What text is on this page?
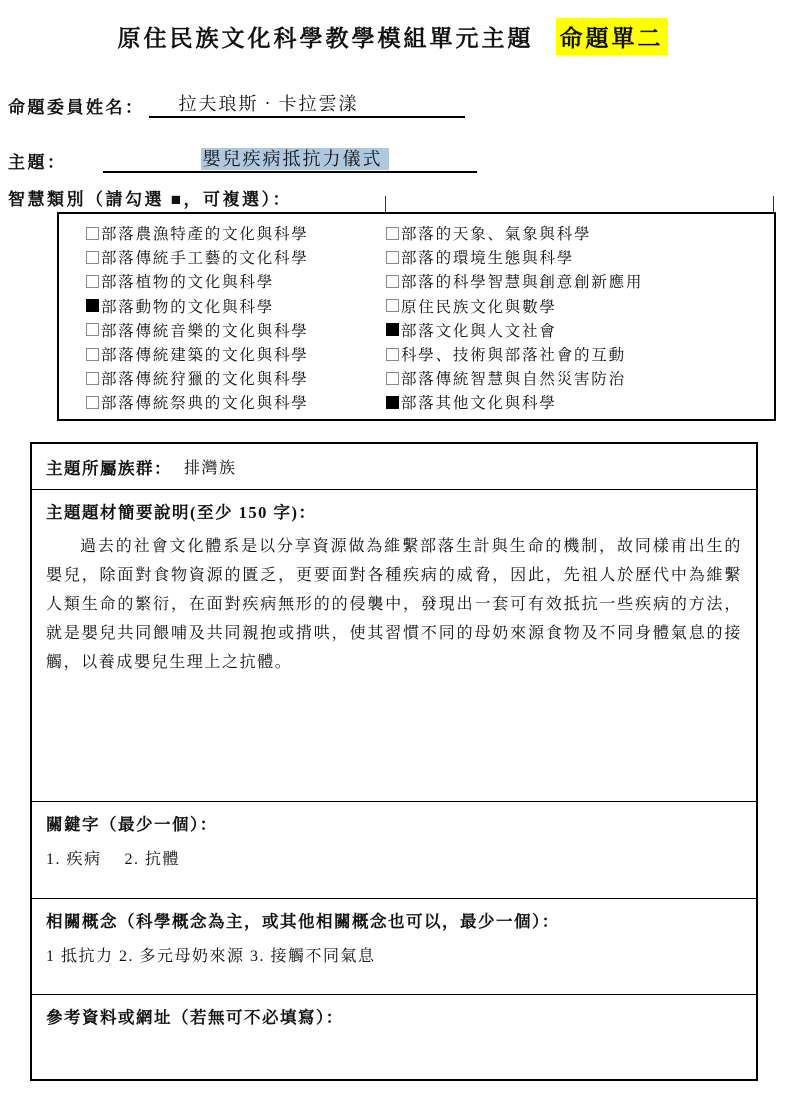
原住民族文化科學教學模組單元主題 命題單二
命題委員姓名： 拉夫琅斯‧卡拉雲漾
主題：	嬰兒疾病抵抗力儀式
智慧類別（請勾選 ■，可複選）：
部落農漁特產的文化與科學
部落傳統手工藝的文化科學
部落植物的文化與科學
部落動物的文化與科學
部落傳統音樂的文化與科學
部落傳統建築的文化與科學
部落傳統狩獵的文化與科學
部落傳統祭典的文化與科學
部落的天象、氣象與科學
部落的環境生態與科學
部落的科學智慧與創意創新應用
原住民族文化與數學
部落文化與人文社會
科學、技術與部落社會的互動
部落傳統智慧與自然災害防治
部落其他文化與科學
主題所屬族群： 排灣族
主題題材簡要說明(至少 150 字)：
過去的社會文化體系是以分享資源做為維繫部落生計與生命的機制，故同樣甫出生的嬰兒，除面對食物資源的匱乏，更要面對各種疾病的威脅，因此，先祖人於歷代中為維繫人類生命的繁衍，在面對疾病無形的的侵襲中，發現出一套可有效抵抗一些疾病的方法，就是嬰兒共同餵哺及共同親抱或揹哄，使其習慣不同的母奶來源食物及不同身體氣息的接觸，以養成嬰兒生理上之抗體。
關鍵字（最少一個）：
1. 疾病　 2. 抗體
相關概念（科學概念為主，或其他相關概念也可以，最少一個）：
1 抵抗力 2. 多元母奶來源 3. 接觸不同氣息
參考資料或網址（若無可不必填寫）：
